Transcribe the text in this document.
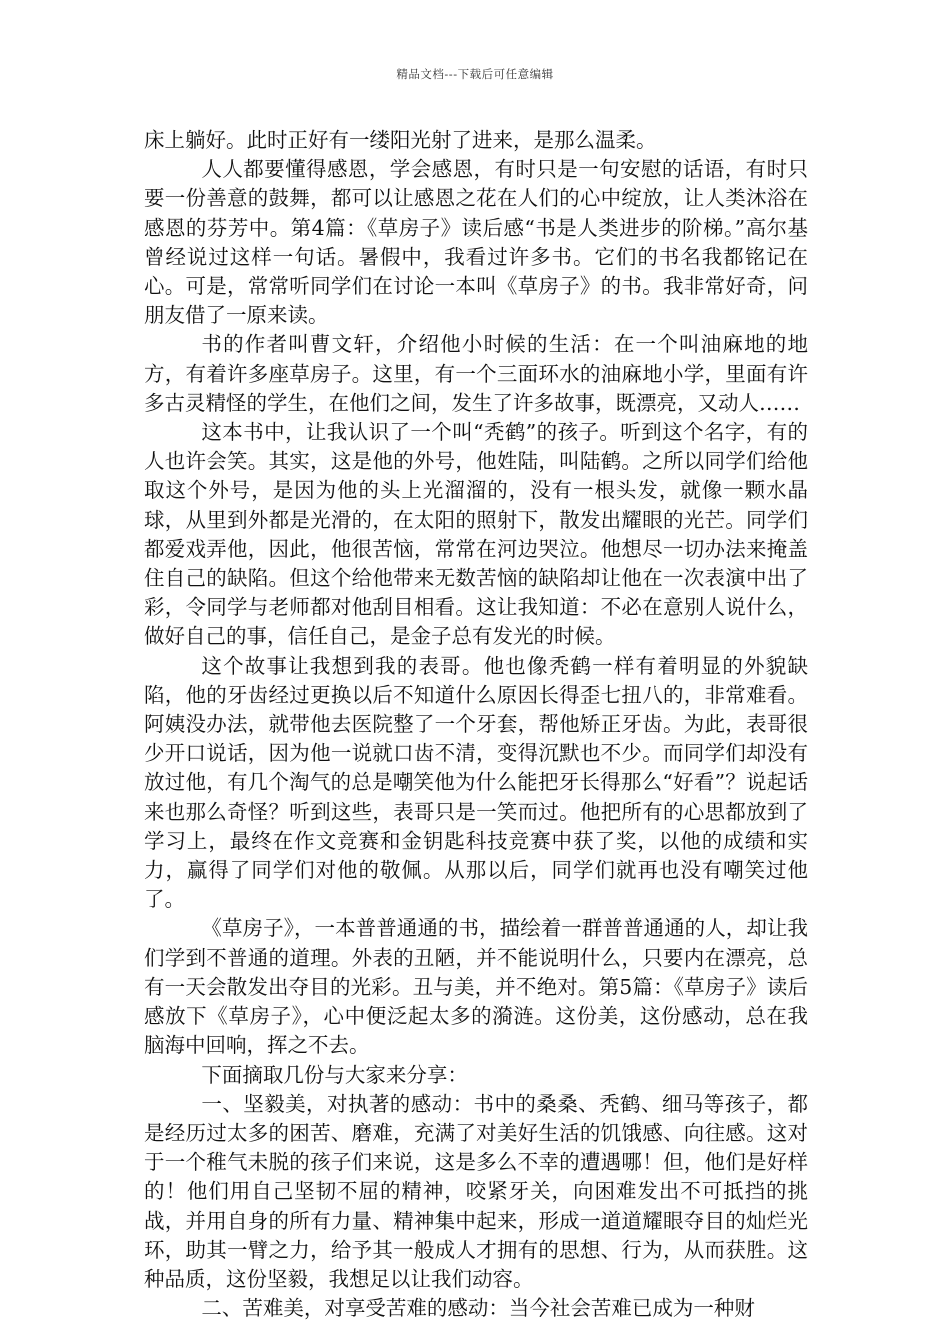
精品文档---下载后可任意编辑

床上躺好。此时正好有一缕阳光射了进来，是那么温柔。

人人都要懂得感恩，学会感恩，有时只是一句安慰的话语，有时只要一份善意的鼓舞，都可以让感恩之花在人们的心中绽放，让人类沐浴在感恩的芬芳中。第4篇：《草房子》读后感“书是人类进步的阶梯。”高尔基曾经说过这样一句话。暑假中，我看过许多书。它们的书名我都铭记在心。可是，常常听同学们在讨论一本叫《草房子》的书。我非常好奇，问朋友借了一原来读。

书的作者叫曹文轩，介绍他小时候的生活：在一个叫油麻地的地方，有着许多座草房子。这里，有一个三面环水的油麻地小学，里面有许多古灵精怪的学生，在他们之间，发生了许多故事，既漂亮，又动人……

这本书中，让我认识了一个叫“秃鹤”的孩子。听到这个名字，有的人也许会笑。其实，这是他的外号，他姓陆，叫陆鹤。之所以同学们给他取这个外号，是因为他的头上光溜溜的，没有一根头发，就像一颗水晶球，从里到外都是光滑的，在太阳的照射下，散发出耀眼的光芒。同学们都爱戏弄他，因此，他很苦恼，常常在河边哭泣。他想尽一切办法来掩盖住自己的缺陷。但这个给他带来无数苦恼的缺陷却让他在一次表演中出了彩，令同学与老师都对他刮目相看。这让我知道：不必在意别人说什么，做好自己的事，信任自己，是金子总有发光的时候。

这个故事让我想到我的表哥。他也像秃鹤一样有着明显的外貌缺陷，他的牙齿经过更换以后不知道什么原因长得歪七扭八的，非常难看。阿姨没办法，就带他去医院整了一个牙套，帮他矫正牙齿。为此，表哥很少开口说话，因为他一说就口齿不清，变得沉默也不少。而同学们却没有放过他，有几个淘气的总是嘲笑他为什么能把牙长得那么“好看”？说起话来也那么奇怪？听到这些，表哥只是一笑而过。他把所有的心思都放到了学习上，最终在作文竞赛和金钥匙科技竞赛中获了奖，以他的成绩和实力，赢得了同学们对他的敬佩。从那以后，同学们就再也没有嘲笑过他了。

《草房子》，一本普普通通的书，描绘着一群普普通通的人，却让我们学到不普通的道理。外表的丑陋，并不能说明什么，只要内在漂亮，总有一天会散发出夺目的光彩。丑与美，并不绝对。第5篇：《草房子》读后感放下《草房子》，心中便泛起太多的漪涟。这份美，这份感动，总在我脑海中回响，挥之不去。

下面摘取几份与大家来分享：

一、坚毅美，对执著的感动：书中的桑桑、秃鹤、细马等孩子，都是经历过太多的困苦、磨难，充满了对美好生活的饥饿感、向往感。这对于一个稚气未脱的孩子们来说，这是多么不幸的遭遇哪！但，他们是好样的！他们用自己坚韧不屈的精神，咬紧牙关，向困难发出不可抵挡的挑战，并用自身的所有力量、精神集中起来，形成一道道耀眼夺目的灿烂光环，助其一臂之力，给予其一般成人才拥有的思想、行为，从而获胜。这种品质，这份坚毅，我想足以让我们动容。

二、苦难美，对享受苦难的感动：当今社会苦难已成为一种财
